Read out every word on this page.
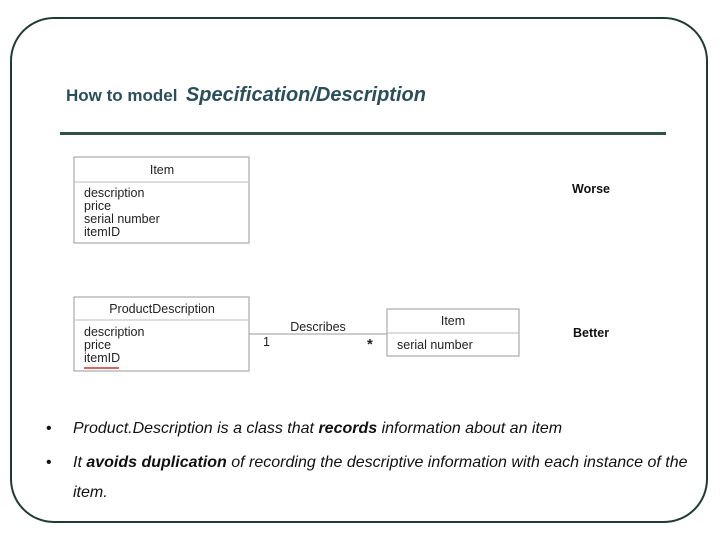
How to model Specification/Description
Item
description
price
serial number
itemID
Worse
ProductDescription
description
price
itemID
Describes
1	*
Item
serial number
Better
• Product.Description is a class that records information about an item
• It avoids duplication of recording the descriptive information with each instance of the item.
